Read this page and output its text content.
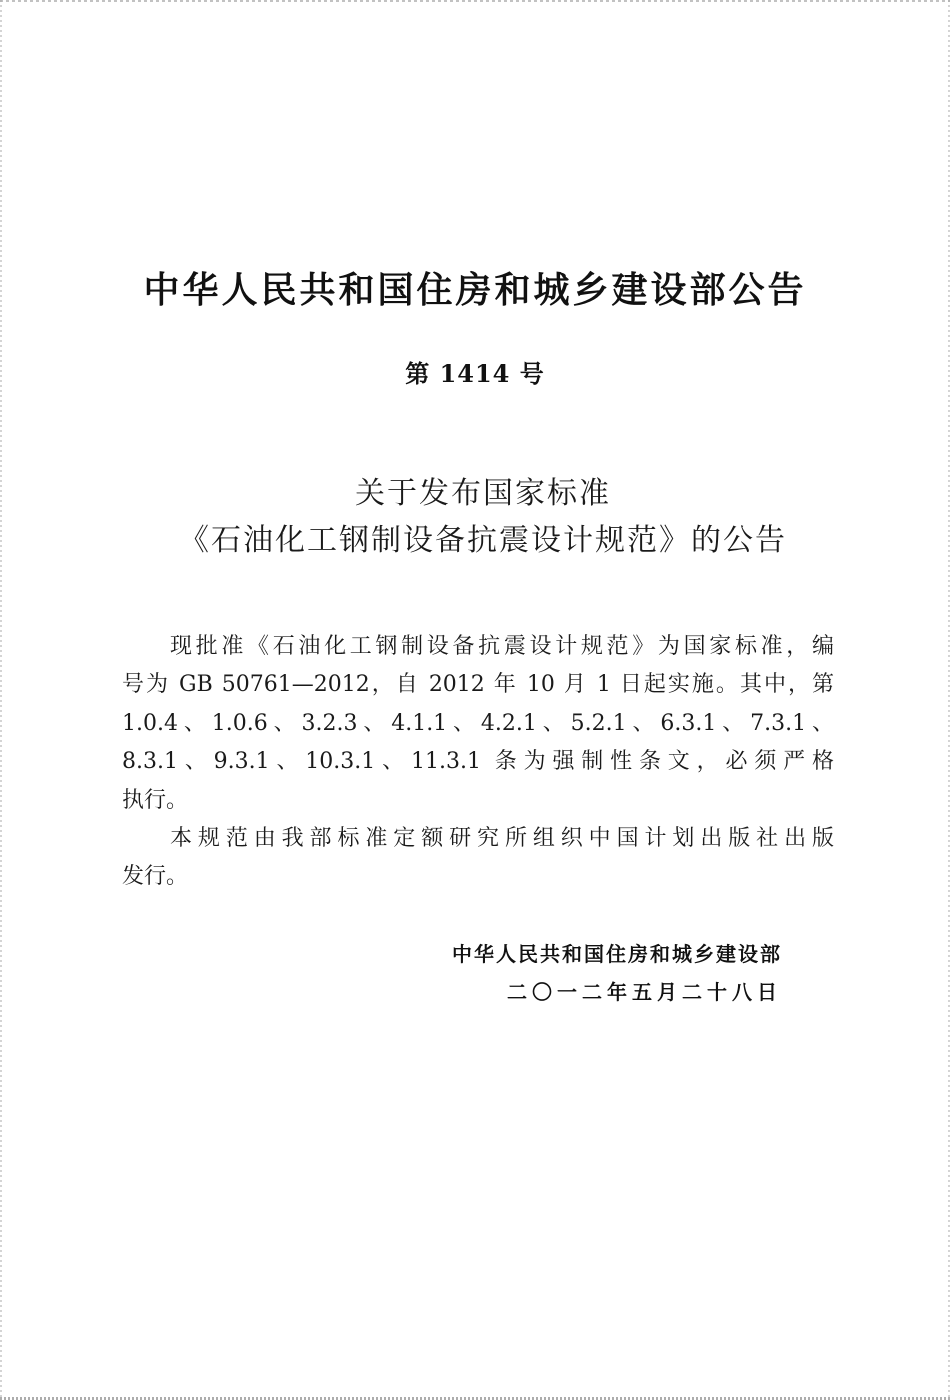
中华人民共和国住房和城乡建设部公告
第 1414 号
关于发布国家标准
《石油化工钢制设备抗震设计规范》的公告

现批准《石油化工钢制设备抗震设计规范》为国家标准，编
号为 GB 50761—2012，自 2012 年 10 月 1 日起实施。其中，第
1.0.4、1.0.6、3.2.3、4.1.1、4.2.1、5.2.1、6.3.1、7.3.1、
8.3.1、9.3.1、10.3.1、11.3.1 条为强制性条文，必须严格
执行。

本规范由我部标准定额研究所组织中国计划出版社出版
发行。

中华人民共和国住房和城乡建设部
二〇一二年五月二十八日
